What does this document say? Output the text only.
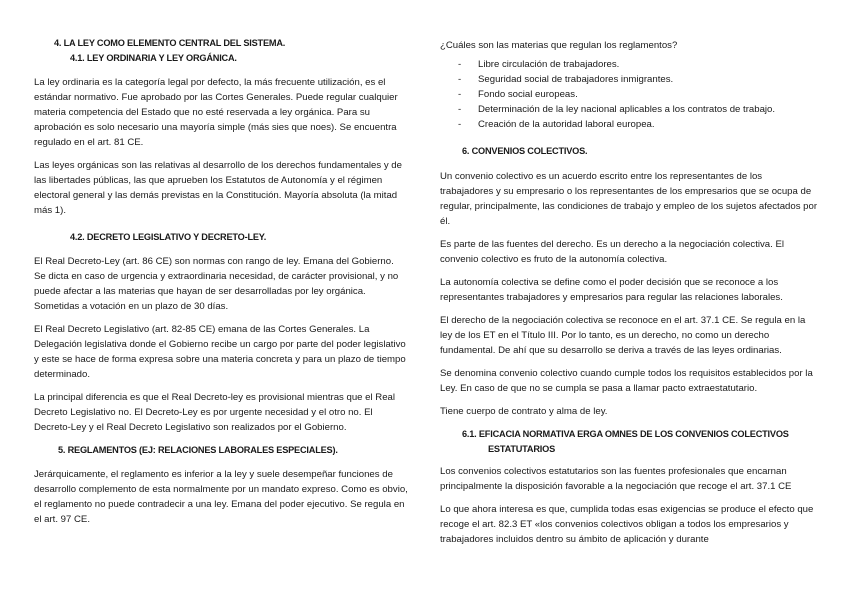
4. LA LEY COMO ELEMENTO CENTRAL DEL SISTEMA.

4.1. LEY ORDINARIA Y LEY ORGÁNICA.

La ley ordinaria es la categoría legal por defecto, la más frecuente utilización, es el estándar normativo. Fue aprobado por las Cortes Generales. Puede regular cualquier materia competencia del Estado que no esté reservada a ley orgánica. Para su aprobación es solo necesario una mayoría simple (más sies que noes). Se encuentra regulado en el art. 81 CE.

Las leyes orgánicas son las relativas al desarrollo de los derechos fundamentales y de las libertades públicas, las que aprueben los Estatutos de Autonomía y el régimen electoral general y las demás previstas en la Constitución. Mayoría absoluta (la mitad más 1).

4.2. DECRETO LEGISLATIVO Y DECRETO-LEY.

El Real Decreto-Ley (art. 86 CE) son normas con rango de ley. Emana del Gobierno. Se dicta en caso de urgencia y extraordinaria necesidad, de carácter provisional, y no puede afectar a las materias que hayan de ser desarrolladas por ley orgánica. Sometidas a votación en un plazo de 30 días.

El Real Decreto Legislativo (art. 82-85 CE) emana de las Cortes Generales. La Delegación legislativa donde el Gobierno recibe un cargo por parte del poder legislativo y este se hace de forma expresa sobre una materia concreta y para un plazo de tiempo determinado.

La principal diferencia es que el Real Decreto-ley es provisional mientras que el Real Decreto Legislativo no. El Decreto-Ley es por urgente necesidad y el otro no. El Decreto-Ley y el Real Decreto Legislativo son realizados por el Gobierno.

5. REGLAMENTOS (EJ: RELACIONES LABORALES ESPECIALES).

Jerárquicamente, el reglamento es inferior a la ley y suele desempeñar funciones de desarrollo complemento de esta normalmente por un mandato expreso. Como es obvio, el reglamento no puede contradecir a una ley. Emana del poder ejecutivo. Se regula en el art. 97 CE.

¿Cuáles son las materias que regulan los reglamentos?

- Libre circulación de trabajadores.
- Seguridad social de trabajadores inmigrantes.
- Fondo social europeas.
- Determinación de la ley nacional aplicables a los contratos de trabajo.
- Creación de la autoridad laboral europea.

6. CONVENIOS COLECTIVOS.

Un convenio colectivo es un acuerdo escrito entre los representantes de los trabajadores y su empresario o los representantes de los empresarios que se ocupa de regular, principalmente, las condiciones de trabajo y empleo de los sujetos afectados por él.

Es parte de las fuentes del derecho. Es un derecho a la negociación colectiva. El convenio colectivo es fruto de la autonomía colectiva.

La autonomía colectiva se define como el poder decisión que se reconoce a los representantes trabajadores y empresarios para regular las relaciones laborales.

El derecho de la negociación colectiva se reconoce en el art. 37.1 CE. Se regula en la ley de los ET en el Título III. Por lo tanto, es un derecho, no como un derecho fundamental. De ahí que su desarrollo se deriva a través de las leyes ordinarias.

Se denomina convenio colectivo cuando cumple todos los requisitos establecidos por la Ley. En caso de que no se cumpla se pasa a llamar pacto extraestatutario.

Tiene cuerpo de contrato y alma de ley.

6.1. EFICACIA NORMATIVA ERGA OMNES DE LOS CONVENIOS COLECTIVOS
ESTATUTARIOS

Los convenios colectivos estatutarios son las fuentes profesionales que encarnan principalmente la disposición favorable a la negociación que recoge el art. 37.1 CE

Lo que ahora interesa es que, cumplida todas esas exigencias se produce el efecto que recoge el art. 82.3 ET «los convenios colectivos obligan a todos los empresarios y trabajadores incluidos dentro su ámbito de aplicación y durante
